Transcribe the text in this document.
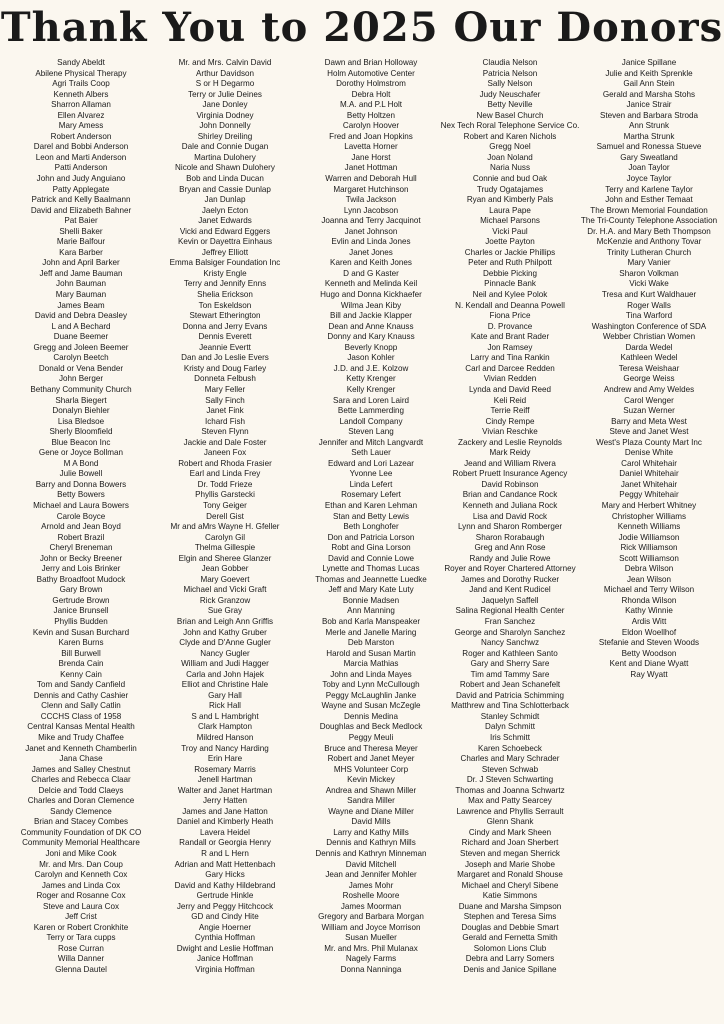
Thank You to 2025 Our Donors
Sandy Abeldt
Abilene Physical Therapy
Agri Trails Coop
Kenneth Albers
Sharron Allaman
Ellen Alvarez
Mary Amess
Robert Anderson
Darel and Bobbi Anderson
Leon and Marti Anderson
Patti Anderson
John and Judy Anguiano
Patty Applegate
Patrick and Kelly Baalmann
David and Elizabeth Bahner
Pat Baier
Shelli Baker
Marie Balfour
Kara Barber
John and April Barker
Jeff and Jame Bauman
John Bauman
Mary Bauman
James Beam
David and Debra Deasley
L and A Bechard
Duane Beemer
Gregg and Joleen Beemer
Carolyn Beetch
Donald or Vena Bender
John Berger
Bethany Community Church
Sharla Biegert
Donalyn Biehler
Lisa Bledsoe
Sherly Bloomfield
Blue Beacon Inc
Gene or Joyce Bollman
M A Bond
Julie Bowell
Barry and Donna Bowers
Betty Bowers
Michael and Laura Bowers
Carole Boyce
Arnold and Jean Boyd
Robert Brazil
Cheryl Breneman
John or Becky Breener
Jerry and Lois Brinker
Bathy Broadfoot Mudock
Gary Brown
Gertrude Brown
Janice Brunsell
Phyllis Budden
Kevin and Susan Burchard
Karen Burns
Bill Burwell
Brenda Cain
Kenny Cain
Tom and Sandy Canfield
Dennis and Cathy Cashier
Clenn and Sally Catlin
CCCHS Class of 1958
Central Kansas Mental Health
Mike and Trudy Chaffee
Janet and Kenneth Chamberlin
Jana Chase
James and Salley Chestnut
Charles and Rebecca Claar
Delcie and Todd Claeys
Charles and Doran Clemence
Sandy Clemence
Brian and Stacey Combes
Community Foundation of DK CO
Community Memorial Healthcare
Joni and Mike Cook
Mr. and Mrs. Dan Coup
Carolyn and Kenneth Cox
James and Linda Cox
Roger and Rosanne Cox
Steve and Laura Cox
Jeff Crist
Karen or Robert Cronkhite
Terry or Tara cupps
Rose Curran
Willa Danner
Glenna Dautel
Mr. and Mrs. Calvin David
Arthur Davidson
S or H Degarmo
Terry or Julie Deines
Jane Donley
Virginia Dodney
John Donnelly
Shirley Dreiling
Dale and Connie Dugan
Martina Dulohery
Nicole and Shawn Dulohery
Bob and Linda Ducan
Bryan and Cassie Dunlap
Jan Dunlap
Jaelyn Ecton
Janet Edwards
Vicki and Edward Eggers
Kevin or Dayettra Einhaus
Jeffrey Elliott
Emma Balsiger Foundation Inc
Kristy Engle
Terry and Jennify Enns
Shelia Erickson
Ton Eskeldson
Stewart Etherington
Donna and Jerry Evans
Dennis Everett
Jeannie Evertt
Dan and Jo Leslie Evers
Kristy and Doug Farley
Donneta Felbush
Mary Feller
Sally Finch
Janet Fink
Ichard Fish
Steven Flynn
Jackie and Dale Foster
Janeen Fox
Robert and Rhoda Frasier
Earl and Linda Frey
Dr. Todd Frieze
Phyllis Garstecki
Tony Geiger
Derell Gist
Mr and aMrs Wayne H. Gfeller
Carolyn Gil
Thelma Gillespie
Elgin and Sheree Glanzer
Jean Gobber
Mary Goevert
Michael and Vicki Graft
Rick Granzow
Sue Gray
Brian and Leigh Ann Griffis
John and Kathy Gruber
Clyde and D'Anne Gugler
Nancy Gugler
William and Judi Hagger
Carla and John Hajek
Elliot and Christine Hale
Gary Hall
Rick Hall
S and L Hambright
Clark Hampton
Mildred Hanson
Troy and Nancy Harding
Erin Hare
Rosemary Marris
Jenell Hartman
Walter and Janet Hartman
Jerry Hatten
James and Jane Hatton
Daniel and Kimberly Heath
Lavera Heidel
Randall or Georgia Henry
R and L Hern
Adrian and Matt Hettenbach
Gary Hicks
David and Kathy Hildebrand
Gertrude Hinkle
Jerry and Peggy Hitchcock
GD and Cindy Hite
Angie Hoerner
Cynthia Hoffman
Dwight and Leslie Hoffman
Janice Hoffman
Virginia Hoffman
Dawn and Brian Holloway
Holm Automotive Center
Dorothy Holmstrom
Debra Holt
M.A. and P.L Holt
Betty Holtzen
Carolyn Hoover
Fred and Joan Hopkins
Lavetta Horner
Jane Horst
Janet Hottman
Warren and Deborah Hull
Margaret Hutchinson
Twila Jackson
Lynn Jacobson
Joanna and Terry Jacquinot
Janet Johnson
Evlin and Linda Jones
Janet Jones
Karen and Keith Jones
D and G Kaster
Kenneth and Melinda Keil
Hugo and Donna Kickhaefer
Wilma Jean Kiby
Bill and Jackie Klapper
Dean and Anne Knauss
Donny and Kary Knauss
Beverly Knopp
Jason Kohler
J.D. and J.E. Kolzow
Ketty Krenger
Kelly Krenger
Sara and Loren Laird
Bette Lammerding
Landoll Company
Steven Lang
Jennifer and Mitch Langvardt
Seth Lauer
Edward and Lori Lazear
Yvonne Lee
Linda Lefert
Rosemary Lefert
Ethan and Karen Lehman
Stan and Betty Lewis
Beth Longhofer
Don and Patricia Lorson
Robt and Gina Lorson
David and Connie Lowe
Lynette and Thomas Lucas
Thomas and Jeannette Luedke
Jeff and Mary Kate Luty
Bonnie Madsen
Ann Manning
Bob and Karla Manspeaker
Merle and Janelle Maring
Deb Marston
Harold and Susan Martin
Marcia Mathias
John and Linda Mayes
Toby and Lynn McCullough
Peggy McLaughlin Janke
Wayne and Susan McZegle
Dennis Medina
Doughlas and Beck Medlock
Peggy Meuli
Bruce and Theresa Meyer
Robert and Janet Meyer
MHS Volunteer Corp
Kevin Mickey
Andrea and Shawn Miller
Sandra Miller
Wayne and Diane Miller
David Mills
Larry and Kathy Mills
Dennis and Kathryn Mills
Dennis and Kathryn Minneman
David Mitchell
Jean and Jennifer Mohler
James Mohr
Roshelle Moore
James Moorman
Gregory and Barbara Morgan
William and Joyce Morrison
Susan Mueller
Mr. and Mrs. Phil Mulanax
Nagely Farms
Donna Nanninga
Claudia Nelson
Patricia Nelson
Sally Nelson
Judy Neuschafer
Betty Neville
New Basel Church
Nex Tech Roral Telephone Service Co.
Robert and Karen Nichols
Gregg Noel
Joan Noland
Naria Nuss
Connie and bud Oak
Trudy Ogatajames
Ryan and Kimberly Pals
Laura Pape
Michael Parsons
Vicki Paul
Joette Payton
Charles or Jackie Phillips
Peter and Ruth Philpott
Debbie Picking
Pinnacle Bank
Neil and Kylee Polok
N. Kendall and Deanna Powell
Fiona Price
D. Provance
Kate and Brant Rader
Jon Ramsey
Larry and Tina Rankin
Carl and Darcee Redden
Vivian Redden
Lynda and David Reed
Keli Reid
Terrie Reiff
Cindy Rempe
Vivian Reschke
Zackery and Leslie Reynolds
Mark Reidy
Jeand and William Rivera
Robert Pruett Insurance Agency
David Robinson
Brian and Candance Rock
Kenneth and Juliana Rock
Lisa and David Rock
Lynn and Sharon Romberger
Sharon Rorabaugh
Greg and Ann Rose
Randy and Julie Rowe
Royer and Royer Chartered Attorney
James and Dorothy Rucker
Jand and Kent Rudicel
Jaquelyn Saffell
Salina Regional Health Center
Fran Sanchez
George and Sharolyn Sanchez
Nancy Sanchwz
Roger and Kathleen Santo
Gary and Sherry Sare
Tim amd Tammy Sare
Robert and Jean Schanefelt
David and Patricia Schimming
Matthrew and Tina Schlotterback
Stanley Schmidt
Dalyn Schmitt
Iris Schmitt
Karen Schoebeck
Charles and Mary Schrader
Steven Schwab
Dr. J Steven Schwarting
Thomas and Joanna Schwartz
Max and Patty Searcey
Lawrence and Phyllis Serrault
Glenn Shank
Cindy and Mark Sheen
Richard and Joan Sherbert
Steven and megan Sherrick
Joseph and Marie Shobe
Margaret and Ronald Shouse
Michael and Cheryl Sibene
Katie Simmons
Duane and Marsha Simpson
Stephen and Teresa Sims
Douglas and Debbie Smart
Gerald and Fernetta Smith
Solomon Lions Club
Debra and Larry Somers
Denis and Janice Spillane
Janice Spillane
Julie and Keith Sprenkle
Gail Ann Stein
Gerald and Marsha Stohs
Janice Strair
Steven and Barbara Stroda
Ann Strunk
Martha Strunk
Samuel and Ronessa Stueve
Gary Sweatland
Joan Taylor
Joyce Taylor
Terry and Karlene Taylor
John and Esther Temaat
The Brown Memorial Foundation
The Tri-County Telephone Association
Dr. H.A. and Mary Beth Thompson
McKenzie and Anthony Tovar
Trinity Lutheran Church
Mary Vanier
Sharon Volkman
Vicki Wake
Tresa and Kurt Waldhauer
Roger Walls
Tina Warford
Washington Conference of SDA
Webber Christian Women
Darda Wedel
Kathleen Wedel
Teresa Weishaar
George Weiss
Andrew and Amy Weldes
Carol Wenger
Suzan Werner
Barry and Meta West
Steve and Janet West
West's Plaza County Mart Inc
Denise White
Carol Whitehair
Daniel Whitehair
Janet Whitehair
Peggy Whitehair
Mary and Herbert Whitney
Christopher Williams
Kenneth Williams
Jodie Williamson
Rick Williamson
Scott Williamson
Debra Wilson
Jean Wilson
Michael and Terry Wilson
Rhonda Wilson
Kathy Winnie
Ardis Witt
Eldon Woellhof
Stefanie and Steven Woods
Betty Woodson
Kent and Diane Wyatt
Ray Wyatt
